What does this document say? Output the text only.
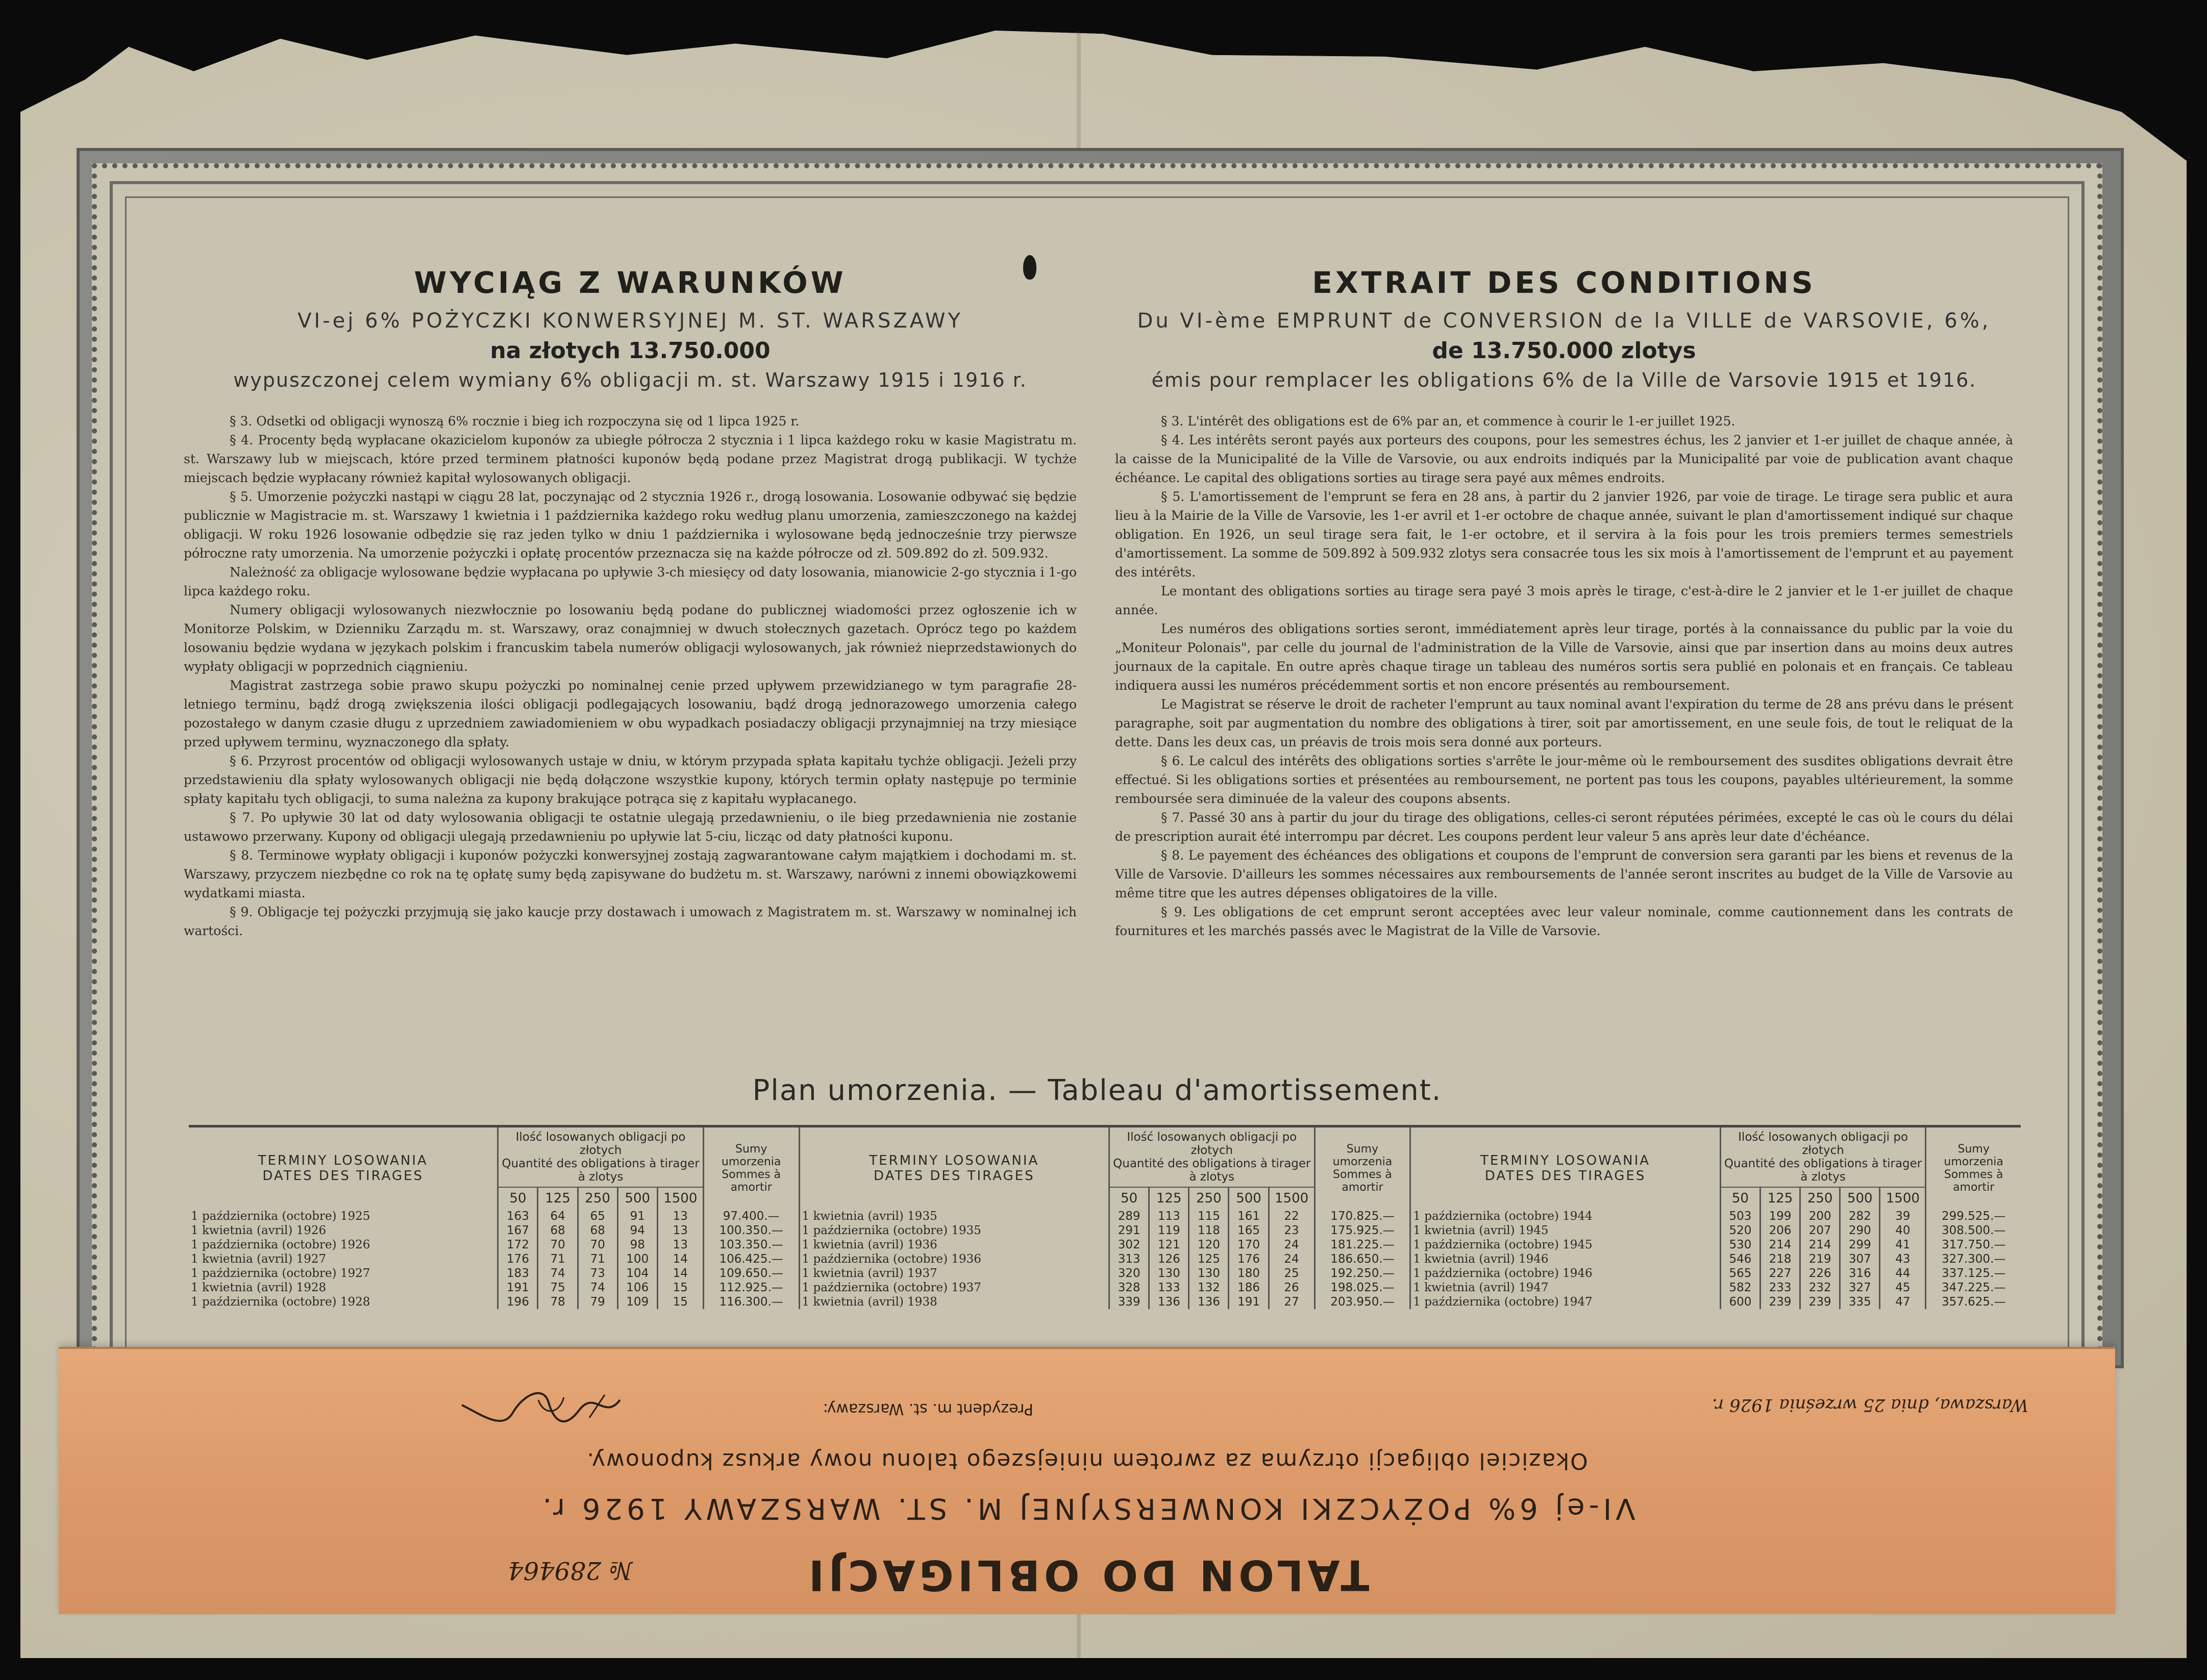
WYCIĄG Z WARUNKÓW
VI-ej 6% POŻYCZKI KONWERSYJNEJ M. ST. WARSZAWY
na złotych 13.750.000
wypuszczonej celem wymiany 6% obligacji m. st. Warszawy 1915 i 1916 r.

§ 3. Odsetki od obligacji wynoszą 6% rocznie i bieg ich rozpoczyna się od 1 lipca 1925 r.

§ 4. Procenty będą wypłacane okazicielom kuponów za ubiegłe półrocza 2 stycznia i 1 lipca każdego roku w kasie Magistratu m. st. Warszawy lub w miejscach, które przed terminem płatności kuponów będą podane przez Magistrat drogą publikacji. W tychże miejscach będzie wypłacany również kapitał wylosowanych obligacji.

§ 5. Umorzenie pożyczki nastąpi w ciągu 28 lat, poczynając od 2 stycznia 1926 r., drogą losowania. Losowanie odbywać się będzie publicznie w Magistracie m. st. Warszawy 1 kwietnia i 1 października każdego roku według planu umorzenia, zamieszczonego na każdej obligacji. W roku 1926 losowanie odbędzie się raz jeden tylko w dniu 1 października i wylosowane będą jednocześnie trzy pierwsze półroczne raty umorzenia. Na umorzenie pożyczki i opłatę procentów przeznacza się na każde półrocze od zł. 509.892 do zł. 509.932.

Należność za obligacje wylosowane będzie wypłacana po upływie 3-ch miesięcy od daty losowania, mianowicie 2-go stycznia i 1-go lipca każdego roku.

Numery obligacji wylosowanych niezwłocznie po losowaniu będą podane do publicznej wiadomości przez ogłoszenie ich w Monitorze Polskim, w Dzienniku Zarządu m. st. Warszawy, oraz conajmniej w dwuch stołecznych gazetach. Oprócz tego po każdem losowaniu będzie wydana w językach polskim i francuskim tabela numerów obligacji wylosowanych, jak również nieprzedstawionych do wypłaty obligacji w poprzednich ciągnieniu.

Magistrat zastrzega sobie prawo skupu pożyczki po nominalnej cenie przed upływem przewidzianego w tym paragrafie 28-letniego terminu, bądź drogą zwiększenia ilości obligacji podlegających losowaniu, bądź drogą jednorazowego umorzenia całego pozostałego w danym czasie długu z uprzedniem zawiadomieniem w obu wypadkach posiadaczy obligacji przynajmniej na trzy miesiące przed upływem terminu, wyznaczonego dla spłaty.

§ 6. Przyrost procentów od obligacji wylosowanych ustaje w dniu, w którym przypada spłata kapitału tychże obligacji. Jeżeli przy przedstawieniu dla spłaty wylosowanych obligacji nie będą dołączone wszystkie kupony, których termin opłaty następuje po terminie spłaty kapitału tych obligacji, to suma należna za kupony brakujące potrąca się z kapitału wypłacanego.

§ 7. Po upływie 30 lat od daty wylosowania obligacji te ostatnie ulegają przedawnieniu, o ile bieg przedawnienia nie zostanie ustawowo przerwany. Kupony od obligacji ulegają przedawnieniu po upływie lat 5-ciu, licząc od daty płatności kuponu.

§ 8. Terminowe wypłaty obligacji i kuponów pożyczki konwersyjnej zostają zagwarantowane całym majątkiem i dochodami m. st. Warszawy, przyczem niezbędne co rok na tę opłatę sumy będą zapisywane do budżetu m. st. Warszawy, narówni z innemi obowiązkowemi wydatkami miasta.

§ 9. Obligacje tej pożyczki przyjmują się jako kaucje przy dostawach i umowach z Magistratem m. st. Warszawy w nominalnej ich wartości.

EXTRAIT DES CONDITIONS
Du VI-ème EMPRUNT de CONVERSION de la VILLE de VARSOVIE, 6%,
de 13.750.000 zlotys
émis pour remplacer les obligations 6% de la Ville de Varsovie 1915 et 1916.

§ 3. L'intérêt des obligations est de 6% par an, et commence à courir le 1-er juillet 1925.

§ 4. Les intérêts seront payés aux porteurs des coupons, pour les semestres échus, les 2 janvier et 1-er juillet de chaque année, à la caisse de la Municipalité de la Ville de Varsovie, ou aux endroits indiqués par la Municipalité par voie de publication avant chaque échéance. Le capital des obligations sorties au tirage sera payé aux mêmes endroits.

§ 5. L'amortissement de l'emprunt se fera en 28 ans, à partir du 2 janvier 1926, par voie de tirage. Le tirage sera public et aura lieu à la Mairie de la Ville de Varsovie, les 1-er avril et 1-er octobre de chaque année, suivant le plan d'amortissement indiqué sur chaque obligation. En 1926, un seul tirage sera fait, le 1-er octobre, et il servira à la fois pour les trois premiers termes semestriels d'amortissement. La somme de 509.892 à 509.932 zlotys sera consacrée tous les six mois à l'amortissement de l'emprunt et au payement des intérêts.

Le montant des obligations sorties au tirage sera payé 3 mois après le tirage, c'est-à-dire le 2 janvier et le 1-er juillet de chaque année.

Les numéros des obligations sorties seront, immédiatement après leur tirage, portés à la connaissance du public par la voie du „Moniteur Polonais", par celle du journal de l'administration de la Ville de Varsovie, ainsi que par insertion dans au moins deux autres journaux de la capitale. En outre après chaque tirage un tableau des numéros sortis sera publié en polonais et en français. Ce tableau indiquera aussi les numéros précédemment sortis et non encore présentés au remboursement.

Le Magistrat se réserve le droit de racheter l'emprunt au taux nominal avant l'expiration du terme de 28 ans prévu dans le présent paragraphe, soit par augmentation du nombre des obligations à tirer, soit par amortissement, en une seule fois, de tout le reliquat de la dette. Dans les deux cas, un préavis de trois mois sera donné aux porteurs.

§ 6. Le calcul des intérêts des obligations sorties s'arrête le jour-même où le remboursement des susdites obligations devrait être effectué. Si les obligations sorties et présentées au remboursement, ne portent pas tous les coupons, payables ultérieurement, la somme remboursée sera diminuée de la valeur des coupons absents.

§ 7. Passé 30 ans à partir du jour du tirage des obligations, celles-ci seront réputées périmées, excepté le cas où le cours du délai de prescription aurait été interrompu par décret. Les coupons perdent leur valeur 5 ans après leur date d'échéance.

§ 8. Le payement des échéances des obligations et coupons de l'emprunt de conversion sera garanti par les biens et revenus de la Ville de Varsovie. D'ailleurs les sommes nécessaires aux remboursements de l'année seront inscrites au budget de la Ville de Varsovie au même titre que les autres dépenses obligatoires de la ville.

§ 9. Les obligations de cet emprunt seront acceptées avec leur valeur nominale, comme cautionnement dans les contrats de fournitures et les marchés passés avec le Magistrat de la Ville de Varsovie.

Plan umorzenia. — Tableau d'amortissement.
TERMINY LOSOWANIA
DATES DES TIRAGES	Ilość losowanych obligacji po złotych
Quantité des obligations à tirager à zlotys					Sumy umorzenia
Sommes à amortir	TERMINY LOSOWANIA
DATES DES TIRAGES	Ilość losowanych obligacji po złotych
Quantité des obligations à tirager à zlotys					Sumy umorzenia
Sommes à amortir	TERMINY LOSOWANIA
DATES DES TIRAGES	Ilość losowanych obligacji po złotych
Quantité des obligations à tirager à zlotys					Sumy umorzenia
Sommes à amortir
	50	125	250	500	1500			50	125	250	500	1500			50	125	250	500	1500	
1 października (octobre) 1925	163	64	65	91	13	97.400.—	1 kwietnia (avril) 1935	289	113	115	161	22	170.825.—	1 października (octobre) 1944	503	199	200	282	39	299.525.—
1 kwietnia (avril) 1926	167	68	68	94	13	100.350.—	1 października (octobre) 1935	291	119	118	165	23	175.925.—	1 kwietnia (avril) 1945	520	206	207	290	40	308.500.—
1 października (octobre) 1926	172	70	70	98	13	103.350.—	1 kwietnia (avril) 1936	302	121	120	170	24	181.225.—	1 października (octobre) 1945	530	214	214	299	41	317.750.—
1 kwietnia (avril) 1927	176	71	71	100	14	106.425.—	1 października (octobre) 1936	313	126	125	176	24	186.650.—	1 kwietnia (avril) 1946	546	218	219	307	43	327.300.—
1 października (octobre) 1927	183	74	73	104	14	109.650.—	1 kwietnia (avril) 1937	320	130	130	180	25	192.250.—	1 października (octobre) 1946	565	227	226	316	44	337.125.—
1 kwietnia (avril) 1928	191	75	74	106	15	112.925.—	1 października (octobre) 1937	328	133	132	186	26	198.025.—	1 kwietnia (avril) 1947	582	233	232	327	45	347.225.—
1 października (octobre) 1928	196	78	79	109	15	116.300.—	1 kwietnia (avril) 1938	339	136	136	191	27	203.950.—	1 października (octobre) 1947	600	239	239	335	47	357.625.—
TALON DO OBLIGACJI
№ 289464
VI-ej 6% POŻYCZKI KONWERSYJNEJ M. ST. WARSZAWY 1926 r.
Okaziciel obligacji otrzyma za zwrotem niniejszego talonu nowy arkusz kuponowy.
Warszawa, dnia 25 września 1926 r.
Prezydent m. st. Warszawy:
